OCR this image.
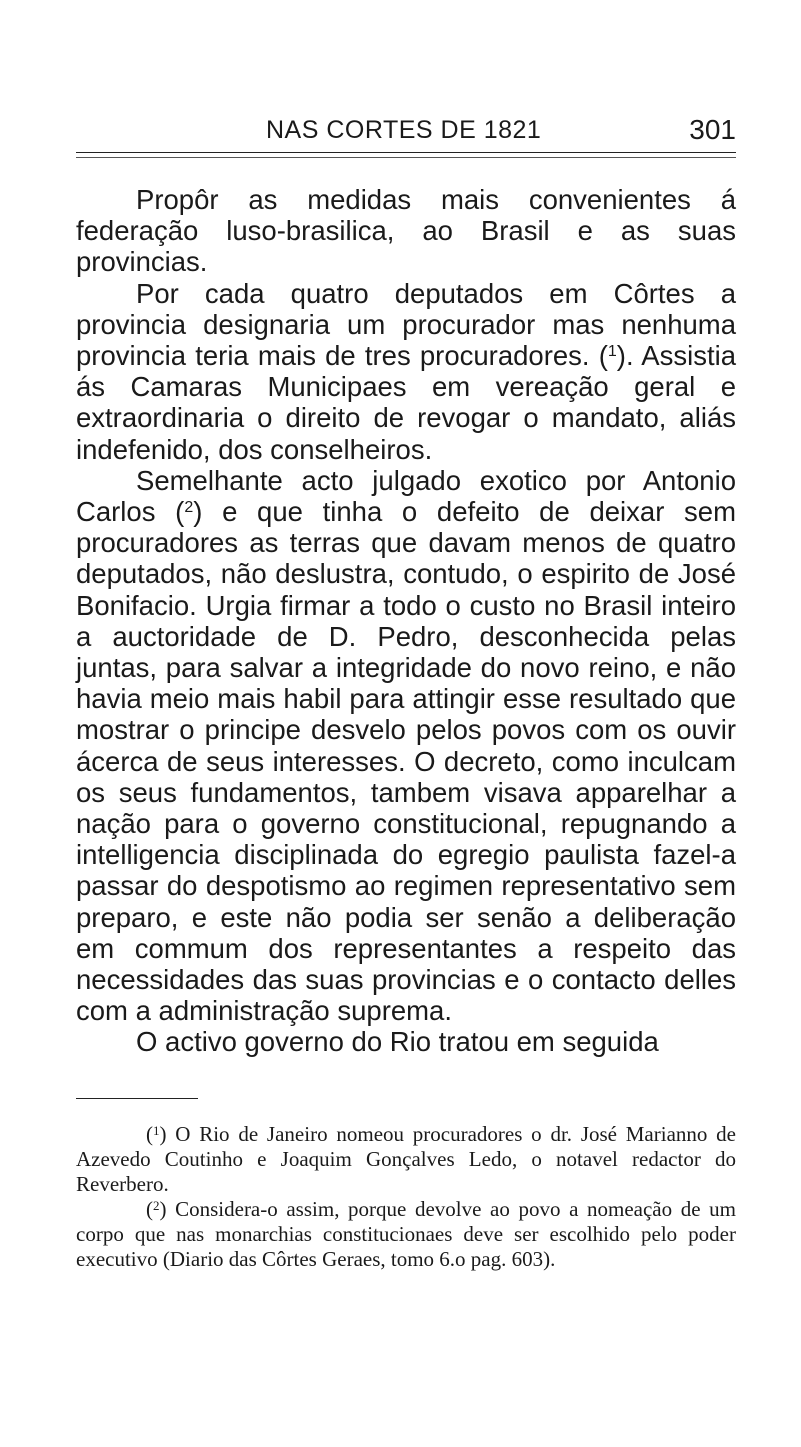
NAS CORTES DE 1821	301

Propôr as medidas mais convenientes á federação luso-brasilica, ao Brasil e as suas provincias.

Por cada quatro deputados em Côrtes a provincia designaria um procurador mas nenhuma provincia teria mais de tres procuradores. ($^1$). Assistia ás Camaras Municipaes em vereação geral e extraordinaria o direito de revogar o mandato, aliás indefenido, dos conselheiros.

Semelhante acto julgado exotico por Antonio Carlos ($^2$) e que tinha o defeito de deixar sem procuradores as terras que davam menos de quatro deputados, não deslustra, contudo, o espirito de José Bonifacio. Urgia firmar a todo o custo no Brasil inteiro a auctoridade de D. Pedro, desconhecida pelas juntas, para salvar a integridade do novo reino, e não havia meio mais habil para attingir esse resultado que mostrar o principe desvelo pelos povos com os ouvir ácerca de seus interesses. O decreto, como inculcam os seus fundamentos, tambem visava apparelhar a nação para o governo constitucional, repugnando a intelligencia disciplinada do egregio paulista fazel-a passar do despotismo ao regimen representativo sem preparo, e este não podia ser senão a deliberação em commum dos representantes a respeito das necessidades das suas provincias e o contacto delles com a administração suprema.

O activo governo do Rio tratou em seguida

($^1$) O Rio de Janeiro nomeou procuradores o dr. José Marianno de Azevedo Coutinho e Joaquim Gonçalves Ledo, o notavel redactor do Reverbero.

($^2$) Considera-o assim, porque devolve ao povo a nomeação de um corpo que nas monarchias constitucionaes deve ser escolhido pelo poder executivo (Diario das Côrtes Geraes, tomo 6.o pag. 603).
